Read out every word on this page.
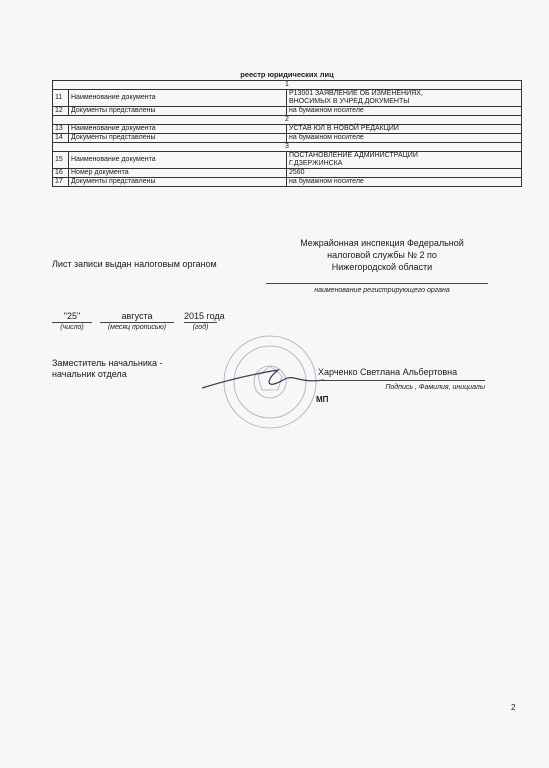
реестр юридических лиц
1		
11	Наименование документа	Р13001 ЗАЯВЛЕНИЕ ОБ ИЗМЕНЕНИЯХ,
ВНОСИМЫХ В УЧРЕД ДОКУМЕНТЫ

12	Документы представлены	на бумажном носителе
2		
13	Наименование документа	УСТАВ ЮЛ В НОВОЙ РЕДАКЦИИ
14	Документы представлены	на бумажном носителе
3		
15	Наименование документа	ПОСТАНОВЛЕНИЕ АДМИНИСТРАЦИИ
Г.ДЗЕРЖИНСКА

16	Номер документа	2560
17	Документы представлены	на бумажном носителе
Лист записи выдан налоговым органом
Межрайонная инспекция Федеральной
налоговой службы № 2 по
Нижегородской области
наименование регистрирующего органа
"25"	августа	2015 года
(число)	(месяц прописью)	(год)
Заместитель начальника -
начальник отдела	Харченко Светлана Альбертовна
Подпись , Фамилия, инициалы
МП
2
